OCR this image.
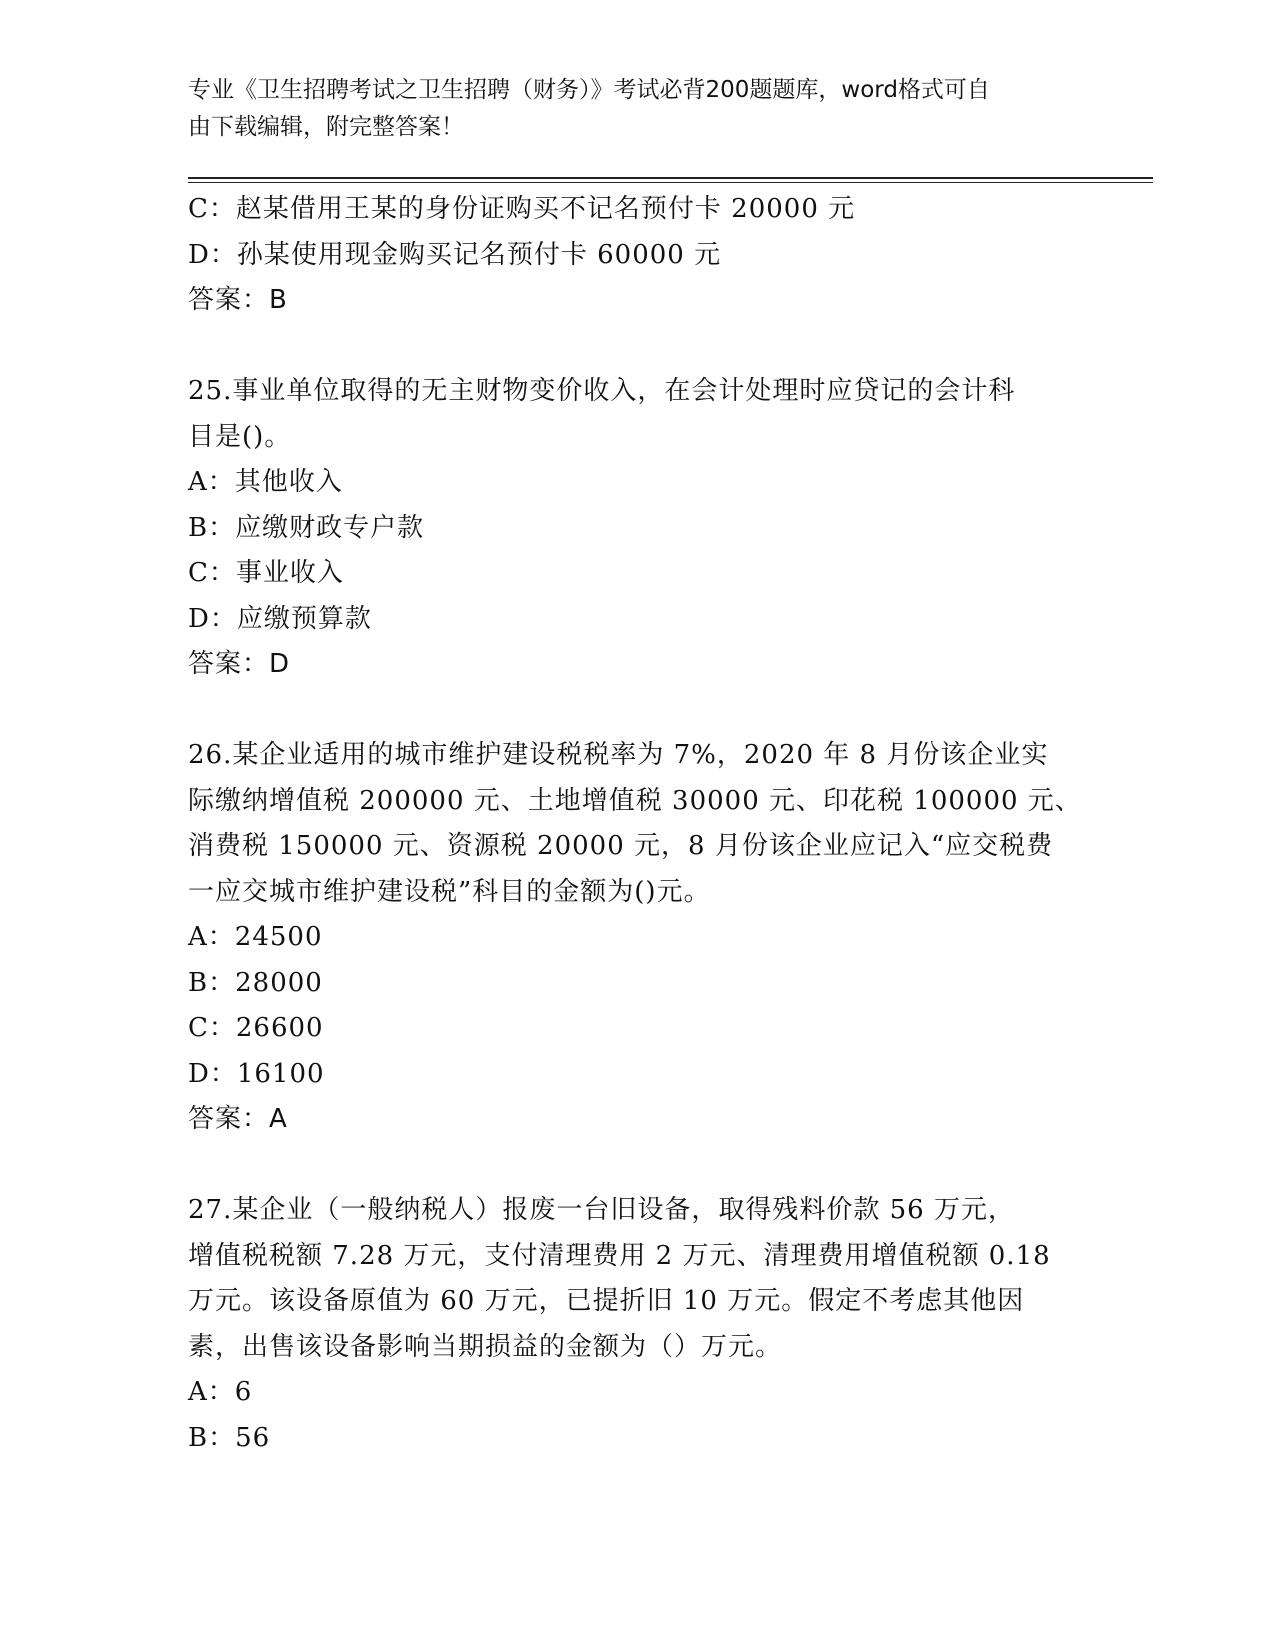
专业《卫生招聘考试之卫生招聘（财务）》考试必背200题题库，word格式可自
由下载编辑，附完整答案！
C：赵某借用王某的身份证购买不记名预付卡 20000 元
D：孙某使用现金购买记名预付卡 60000 元
答案：B
25.事业单位取得的无主财物变价收入，在会计处理时应贷记的会计科
目是()。
A：其他收入
B：应缴财政专户款
C：事业收入
D：应缴预算款
答案：D
26.某企业适用的城市维护建设税税率为 7%，2020 年 8 月份该企业实
际缴纳增值税 200000 元、土地增值税 30000 元、印花税 100000 元、
消费税 150000 元、资源税 20000 元，8 月份该企业应记入“应交税费
一应交城市维护建设税”科目的金额为()元。
A：24500
B：28000
C：26600
D：16100
答案：A
27.某企业（一般纳税人）报废一台旧设备，取得残料价款 56 万元，
增值税税额 7.28 万元，支付清理费用 2 万元、清理费用增值税额 0.18
万元。该设备原值为 60 万元，已提折旧 10 万元。假定不考虑其他因
素，出售该设备影响当期损益的金额为（）万元。
A：6
B：56
